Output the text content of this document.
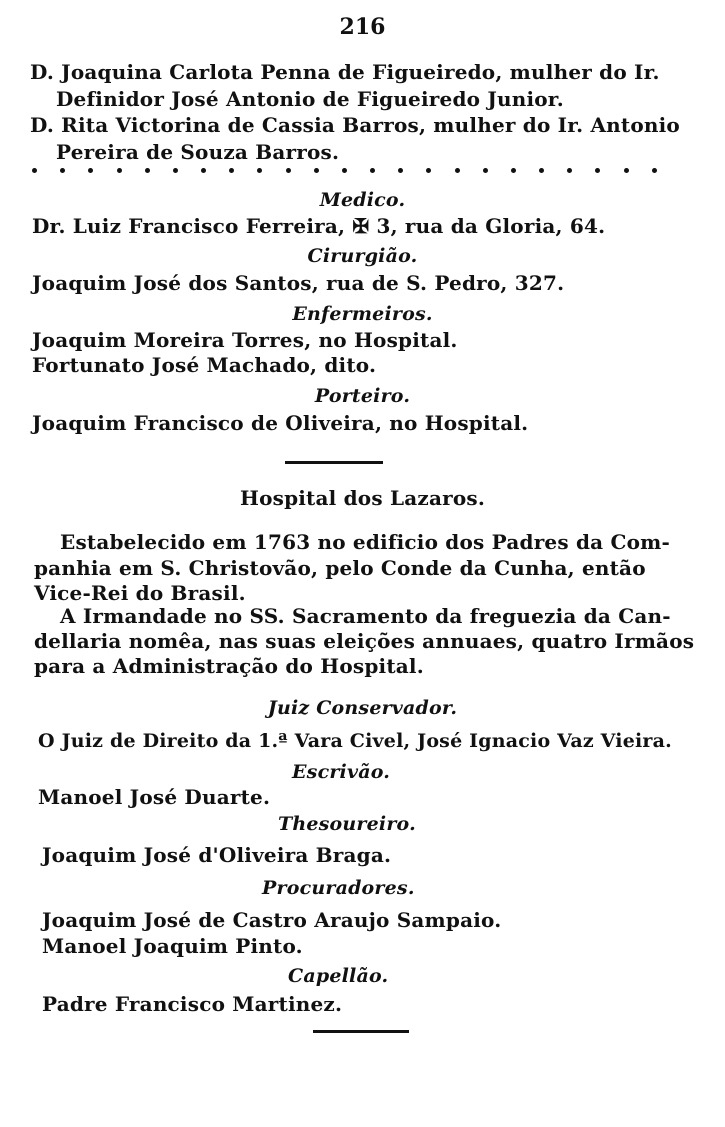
216
D. Joaquina Carlota Penna de Figueiredo, mulher do Ir.
Definidor José Antonio de Figueiredo Junior.
D. Rita Victorina de Cassia Barros, mulher do Ir. Antonio
Pereira de Souza Barros.
Medico.
Dr. Luiz Francisco Ferreira, ✠ 3, rua da Gloria, 64.
Cirurgião.
Joaquim José dos Santos, rua de S. Pedro, 327.
Enfermeiros.
Joaquim Moreira Torres, no Hospital.
Fortunato José Machado, dito.
Porteiro.
Joaquim Francisco de Oliveira, no Hospital.
Hospital dos Lazaros.
Estabelecido em 1763 no edificio dos Padres da Com-
panhia em S. Christovão, pelo Conde da Cunha, então
Vice-Rei do Brasil.
A Irmandade no SS. Sacramento da freguezia da Can-
dellaria nomêa, nas suas eleições annuaes, quatro Irmãos
para a Administração do Hospital.
Juiz Conservador.
O Juiz de Direito da 1.ª Vara Civel, José Ignacio Vaz Vieira.
Escrivão.
Manoel José Duarte.
Thesoureiro.
Joaquim José d'Oliveira Braga.
Procuradores.
Joaquim José de Castro Araujo Sampaio.
Manoel Joaquim Pinto.
Capellão.
Padre Francisco Martinez.
